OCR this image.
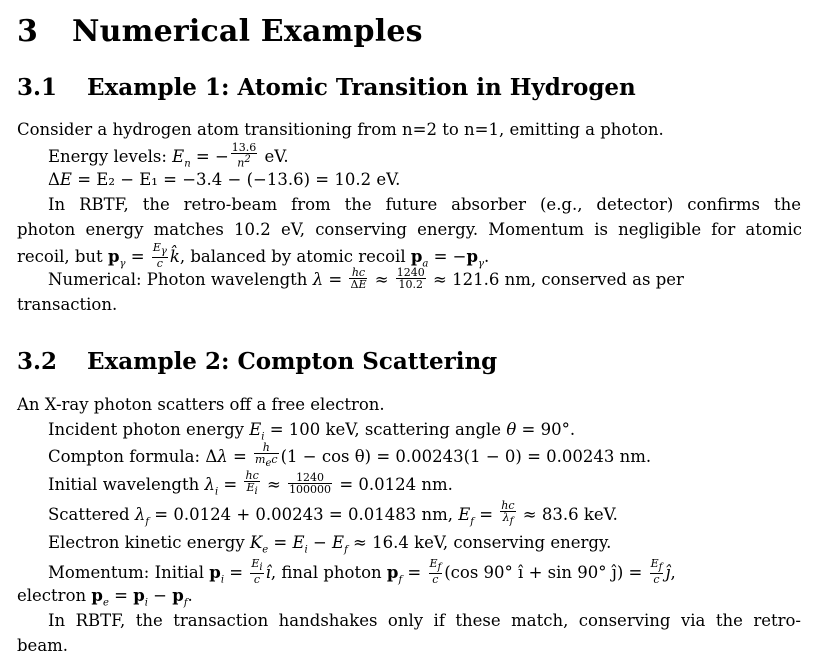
3 Numerical Examples
3.1 Example 1: Atomic Transition in Hydrogen
Consider a hydrogen atom transitioning from n=2 to n=1, emitting a photon.
Energy levels: $E_n$ = − $\frac{13.6}{n^2}$ eV.
ΔE = E₂ − E₁ = −3.4 − (−13.6) = 10.2 eV.
In RBTF, the retro-beam from the future absorber (e.g., detector) confirms the
photon energy matches 10.2 eV, conserving energy. Momentum is negligible for atomic
recoil, but $p_\gamma = \frac{E_\gamma}{c}$ k̂, balanced by atomic recoil $p_a = -p_\gamma$.
Numerical: Photon wavelength $\lambda = \frac{hc}{\Delta E} \approx \frac{1240}{10.2} \approx 121.6$ nm, conserved as per
transaction.
3.2 Example 2: Compton Scattering
An X-ray photon scatters off a free electron.
Incident photon energy $E_i = 100$ keV, scattering angle θ = 90°.
Compton formula: $\Delta\lambda = \frac{h}{m_ec} (1 - \cos \theta) = 0.00243(1 - 0) = 0.00243$ nm.
Initial wavelength $\lambda_i = \frac{hc}{E_i} \approx \frac{1240}{100000} = 0.0124$ nm.
Scattered $\lambda_f = 0.0124 + 0.00243 = 0.01483$ nm, $E_f = \frac{hc}{\lambda_f} \approx 83.6$ keV.
Electron kinetic energy $K_e = E_i - E_f \approx 16.4$ keV, conserving energy.
Momentum: Initial $p_i = \frac{E_i}{c}$ î, final photon $p_f = \frac{E_f}{c} (\cos$ 90° î + sin 90° ĵ) = $\frac{E_f}{c}$ ĵ,
electron $p_e = p_i - p_f$.
In RBTF, the transaction handshakes only if these match, conserving via the retro-
beam.
